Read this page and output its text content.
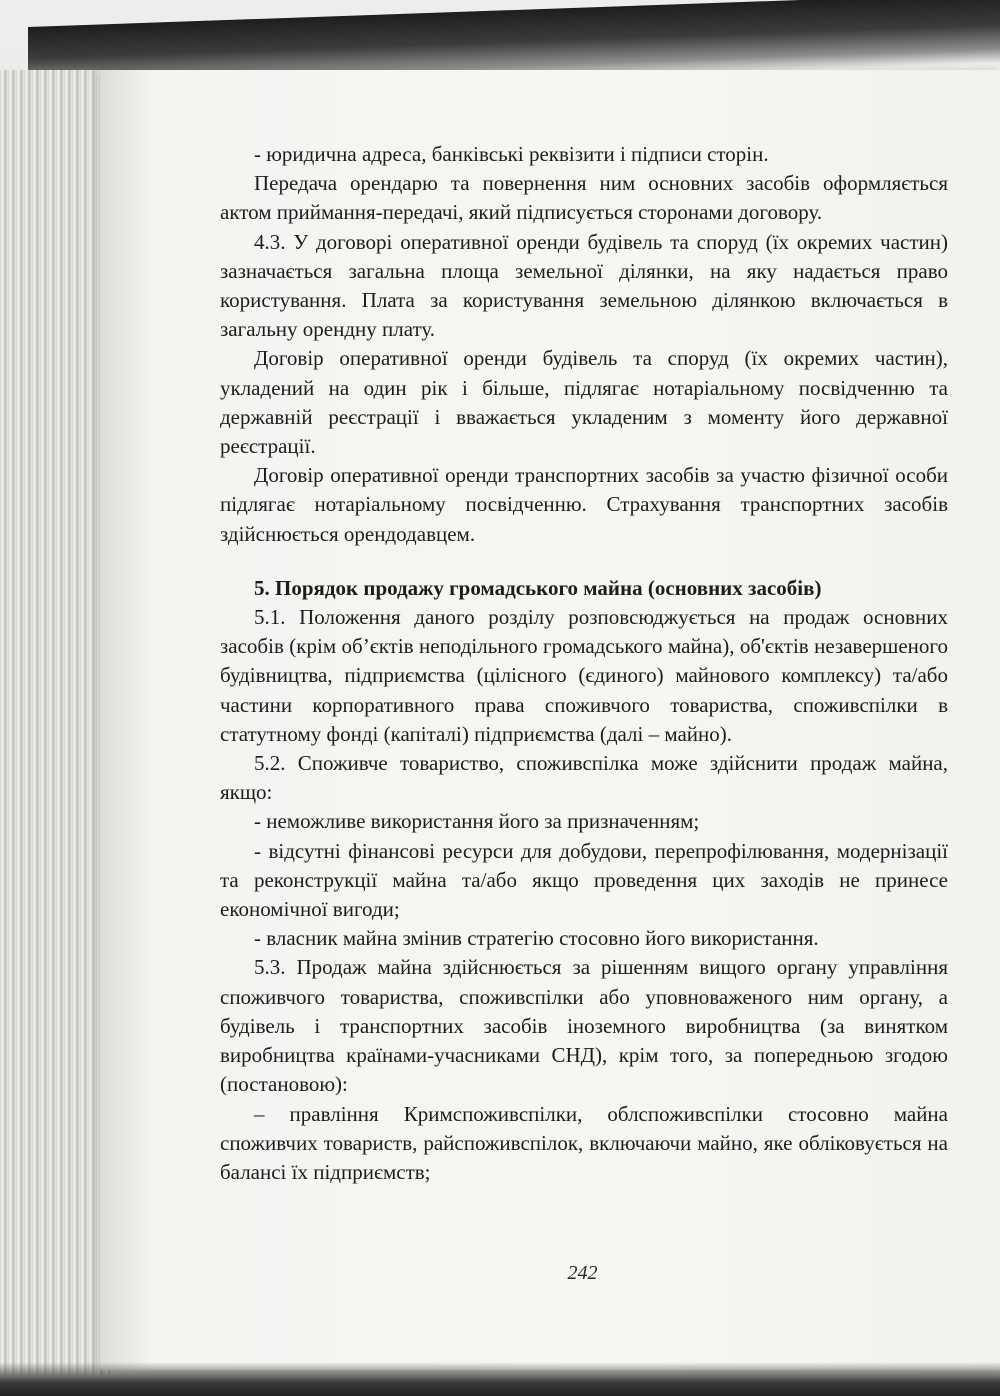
- юридична адреса, банківські реквізити і підписи сторін.

Передача орендарю та повернення ним основних засобів оформляється актом приймання-передачі, який підписується сторонами договору.

4.3. У договорі оперативної оренди будівель та споруд (їх окремих частин) зазначається загальна площа земельної ділянки, на яку надається право користування. Плата за користування земельною ділянкою включається в загальну орендну плату.

Договір оперативної оренди будівель та споруд (їх окремих частин), укладений на один рік і більше, підлягає нотаріальному посвідченню та державній реєстрації і вважається укладеним з моменту його державної реєстрації.

Договір оперативної оренди транспортних засобів за участю фізичної особи підлягає нотаріальному посвідченню. Страхування транспортних засобів здійснюється орендодавцем.

5. Порядок продажу громадського майна (основних засобів)

5.1. Положення даного розділу розповсюджується на продаж основних засобів (крім об’єктів неподільного громадського майна), об'єктів незавершеного будівництва, підприємства (цілісного (єдиного) майнового комплексу) та/або частини корпоративного права споживчого товариства, споживспілки в статутному фонді (капіталі) підприємства (далі – майно).

5.2. Споживче товариство, споживспілка може здійснити продаж майна, якщо:

- неможливе використання його за призначенням;

- відсутні фінансові ресурси для добудови, перепрофілювання, модернізації та реконструкції майна та/або якщо проведення цих заходів не принесе економічної вигоди;

- власник майна змінив стратегію стосовно його використання.

5.3. Продаж майна здійснюється за рішенням вищого органу управління споживчого товариства, споживспілки або уповноваженого ним органу, а будівель і транспортних засобів іноземного виробництва (за винятком виробництва країнами-учасниками СНД), крім того, за попередньою згодою (постановою):

– правління Кримспоживспілки, облспоживспілки стосовно майна споживчих товариств, райспоживспілок, включаючи майно, яке обліковується на балансі їх підприємств;

242
